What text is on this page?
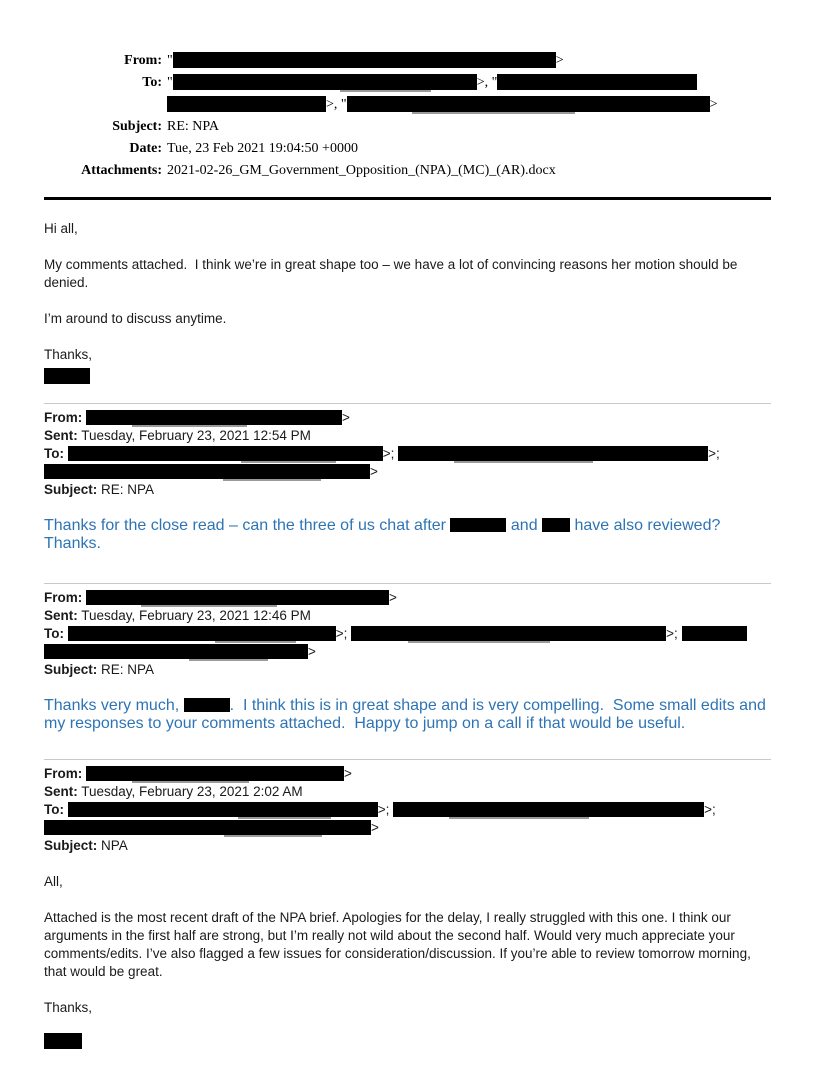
From: "	>
To: "	>, "
>, "	>
Subject: RE: NPA
Date: Tue, 23 Feb 2021 19:04:50 +0000
Attachments: 2021-02-26_GM_Government_Opposition_(NPA)_(MC)_(AR).docx

Hi all,

My comments attached.  I think we’re in great shape too – we have a lot of convincing reasons her motion should be denied.

I’m around to discuss anytime.

Thanks,

From:	>
Sent: Tuesday, February 23, 2021 12:54 PM
To:	>;	>;
>
Subject: RE: NPA

Thanks for the close read – can the three of us chat after	and  have also reviewed? Thanks.

From:	>
Sent: Tuesday, February 23, 2021 12:46 PM
To:	>;	>;
>
Subject: RE: NPA

Thanks very much,	.  I think this is in great shape and is very compelling.  Some small edits and my responses to your comments attached.  Happy to jump on a call if that would be useful.

From:	>
Sent: Tuesday, February 23, 2021 2:02 AM
To:	>;	>;
>
Subject: NPA

All,

Attached is the most recent draft of the NPA brief. Apologies for the delay, I really struggled with this one. I think our arguments in the first half are strong, but I’m really not wild about the second half. Would very much appreciate your comments/edits. I’ve also flagged a few issues for consideration/discussion. If you’re able to review tomorrow morning, that would be great.

Thanks,
